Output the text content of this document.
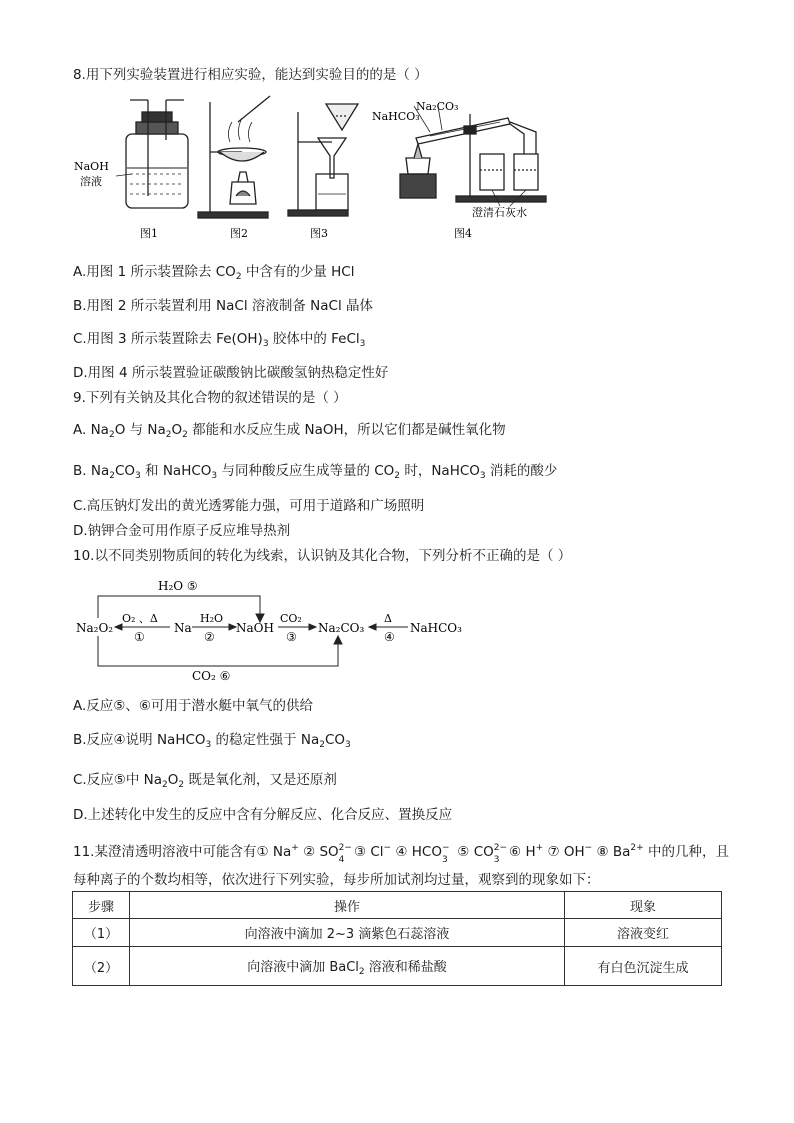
8.用下列实验装置进行相应实验，能达到实验目的的是（ ）
NaOH
溶液
图1	图2	图3
NaHCO₃
Na₂CO₃
澄清石灰水
图4
A.用图 1 所示装置除去 $CO_2$ 中含有的少量 HCl
B.用图 2 所示装置利用 NaCl 溶液制备 NaCl 晶体
C.用图 3 所示装置除去 $Fe(OH)_3$ 胶体中的 FeCl$_3$
D.用图 4 所示装置验证碳酸钠比碳酸氢钠热稳定性好
9.下列有关钠及其化合物的叙述错误的是（ ）
A. $Na_2O$ 与 $Na_2O_2$ 都能和水反应生成 NaOH，所以它们都是碱性氧化物
B. $Na_2CO_3$ 和 NaHCO$_3$ 与同种酸反应生成等量的 $CO_2$ 时，NaHCO$_3$ 消耗的酸少
C.高压钠灯发出的黄光透雾能力强，可用于道路和广场照明
D.钠钾合金可用作原子反应堆导热剂
10.以不同类别物质间的转化为线索，认识钠及其化合物，下列分析不正确的是（ ）
H₂O ⑤
Na₂O₂	Na	NaOH	Na₂CO₃	NaHCO₃
O₂ 、Δ
①
H₂O
②
CO₂
③
Δ
④
CO₂ ⑥
A.反应⑤、⑥可用于潜水艇中氧气的供给
B.反应④说明 NaHCO$_3$ 的稳定性强于 $Na_2CO_3$
C.反应⑤中 $Na_2O_2$ 既是氧化剂，又是还原剂
D.上述转化中发生的反应中含有分解反应、化合反应、置换反应
11.某澄清透明溶液中可能含有① Na+ ② SO 2−
4 ③ Cl− ④ HCO −
3 ⑤ CO 2−
3 ⑥ H+ ⑦ OH− ⑧ $Ba^{2+}$ 中的几种，且
每种离子的个数均相等，依次进行下列实验，每步所加试剂均过量，观察到的现象如下：
步骤	操作	现象
（1）	向溶液中滴加 2~3 滴紫色石蕊溶液	溶液变红
（2）	向溶液中滴加 BaCl$_2$ 溶液和稀盐酸	有白色沉淀生成
